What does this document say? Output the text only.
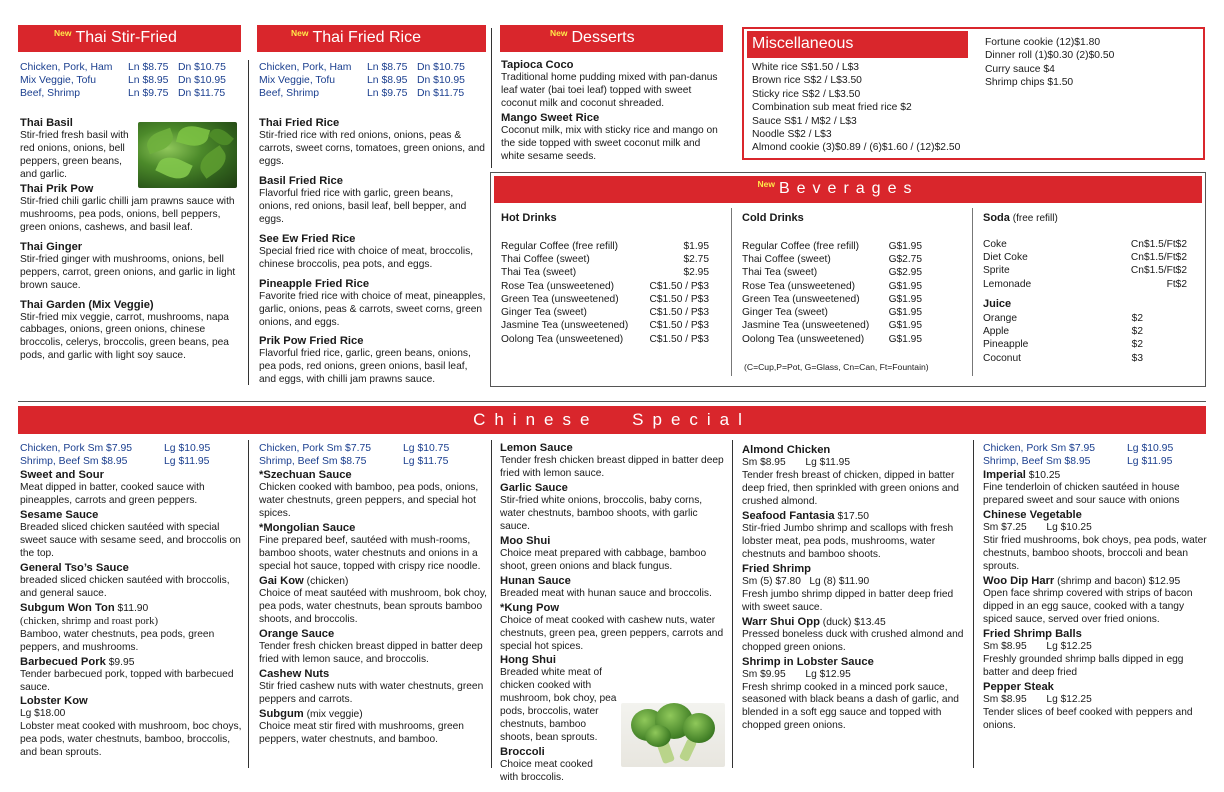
New Thai Stir-Fried	New Thai Fried Rice	New Desserts
Chicken, Pork, Ham	Ln $8.75 Dn $10.75
Mix Veggie, Tofu	Ln $8.95 Dn $10.95
Beef, Shrimp	Ln $9.75 Dn $11.75
Thai Basil
Stir-fried fresh basil with red onions, onions, bell peppers, green beans, and garlic.
Thai Prik Pow
Stir-fried chili garlic chilli jam prawns sauce with mushrooms, pea pods, onions, bell peppers, green onions, cashews, and basil leaf.
Thai Ginger
Stir-fried ginger with mushrooms, onions, bell peppers, carrot, green onions, and garlic in light brown sauce.
Thai Garden (Mix Veggie)
Stir-fried mix veggie, carrot, mushrooms, napa cabbages, onions, green onions, chinese broccolis, celerys, broccolis, green beans, pea pods, and garlic with light soy sauce.
Chicken, Pork, Ham	Ln $8.75 Dn $10.75
Mix Veggie, Tofu	Ln $8.95 Dn $10.95
Beef, Shrimp	Ln $9.75 Dn $11.75
Thai Fried Rice
Stir-fried rice with red onions, onions, peas & carrots, sweet corns, tomatoes, green onions, and eggs.
Basil Fried Rice
Flavorful fried rice with garlic, green beans, onions, red onions, basil leaf, bell bepper, and eggs.
See Ew Fried Rice
Special fried rice with choice of meat, broccolis, chinese broccolis, pea pots, and eggs.
Pineapple Fried Rice
Favorite fried rice with choice of meat, pineapples, garlic, onions, peas & carrots, sweet corns, green onions, and eggs.
Prik Pow Fried Rice
Flavorful fried rice, garlic, green beans, onions, pea pods, red onions, green onions, basil leaf, and eggs, with chilli jam prawns sauce.
Tapioca Coco
Traditional home pudding mixed with pan-danus leaf water (bai toei leaf) topped with sweet coconut milk and coconut shreaded.
Mango Sweet Rice
Coconut milk, mix with sticky rice and mango on the side topped with sweet coconut milk and white sesame seeds.
Miscellaneous
White rice S$1.50 / L$3
Brown rice S$2 / L$3.50
Sticky rice S$2 / L$3.50
Combination sub meat fried rice $2
Sauce S$1 / M$2 / L$3
Noodle S$2 / L$3
Almond cookie (3)$0.89 / (6)$1.60 / (12)$2.50
Fortune cookie (12)$1.80
Dinner roll (1)$0.30 (2)$0.50
Curry sauce $4
Shrimp chips $1.50
New Beverages
Hot Drinks
Regular Coffee (free refill)	$1.95
Thai Coffee (sweet)	$2.75
Thai Tea (sweet)	$2.95
Rose Tea (unsweetened)	C$1.50 / P$3
Green Tea (unsweetened)	C$1.50 / P$3
Ginger Tea (sweet)	C$1.50 / P$3
Jasmine Tea (unsweetened) C$1.50 / P$3
Oolong Tea (unsweetened)	C$1.50 / P$3
Cold Drinks
Regular Coffee (free refill)	G$1.95
Thai Coffee (sweet)	G$2.75
Thai Tea (sweet)	G$2.95
Rose Tea (unsweetened)	G$1.95
Green Tea (unsweetened)	G$1.95
Ginger Tea (sweet)	G$1.95
Jasmine Tea (unsweetened) G$1.95
Oolong Tea (unsweetened) G$1.95
(C=Cup,P=Pot, G=Glass, Cn=Can, Ft=Fountain)
Soda (free refill)
Coke	Cn$1.5/Ft$2
Diet Coke	Cn$1.5/Ft$2
Sprite	Cn$1.5/Ft$2
Lemonade	Ft$2
Juice
Orange	$2
Apple	$2
Pineapple	$2
Coconut	$3
Chinese Special
Chicken, Pork Sm $7.95	Lg $10.95
Shrimp, Beef Sm $8.95	Lg $11.95
Sweet and Sour
Meat dipped in batter, cooked sauce with pineapples, carrots and green peppers.
Sesame Sauce
Breaded sliced chicken sautéed with special sweet sauce with sesame seed, and broccolis on the top.
General Tso’s Sauce
breaded sliced chicken sautéed with broccolis, and general sauce.
Subgum Won Ton $11.90
(chicken, shrimp and roast pork)
Bamboo, water chestnuts, pea pods, green peppers, and mushrooms.
Barbecued Pork $9.95
Tender barbecued pork, topped with barbecued sauce.
Lobster Kow
Lg $18.00
Lobster meat cooked with mushroom, boc choys, pea pods, water chestnuts, bamboo, broccolis, and bean sprouts.
Chicken, Pork Sm $7.75	Lg $10.75
Shrimp, Beef Sm $8.75	Lg $11.75
*Szechuan Sauce
Chicken cooked with bamboo, pea pods, onions, water chestnuts, green peppers, and special hot spices.
*Mongolian Sauce
Fine prepared beef, sautéed with mush-rooms, bamboo shoots, water chestnuts and onions in a special hot sauce, topped with crispy rice noodle.
Gai Kow (chicken)
Choice of meat sautéed with mushroom, bok choy, pea pods, water chestnuts, bean sprouts bamboo shoots, and broccolis.
Orange Sauce
Tender fresh chicken breast dipped in batter deep fried with lemon sauce, and broccolis.
Cashew Nuts
Stir fried cashew nuts with water chestnuts, green peppers and carrots.
Subgum (mix veggie)
Choice meat stir fired with mushrooms, green peppers, water chestnuts, and bamboo.
Lemon Sauce
Tender fresh chicken breast dipped in batter deep fried with lemon sauce.
Garlic Sauce
Stir-fried white onions, broccolis, baby corns, water chestnuts, bamboo shoots, with garlic sauce.
Moo Shui
Choice meat prepared with cabbage, bamboo shoot, green onions and black fungus.
Hunan Sauce
Breaded meat with hunan sauce and broccolis.
*Kung Pow
Choice of meat cooked with cashew nuts, water chestnuts, green pea, green peppers, carrots and special hot spices.
Hong Shui
Breaded white meat of chicken cooked with mushroom, bok choy, pea pods, broccolis, water chestnuts, bamboo shoots, bean sprouts.
Broccoli
Choice meat cooked with broccolis.
Almond Chicken
Sm $8.95       Lg $11.95
Tender fresh breast of chicken, dipped in batter deep fried, then sprinkled with green onions and crushed almond.
Seafood Fantasia $17.50
Stir-fried Jumbo shrimp and scallops with fresh lobster meat, pea pods, mushrooms, water chestnuts and bamboo shoots.
Fried Shrimp
Sm (5) $7.80   Lg (8) $11.90
Fresh jumbo shrimp dipped in batter deep fried with sweet sauce.
Warr Shui Opp (duck) $13.45
Pressed boneless duck with crushed almond and chopped green onions.
Shrimp in Lobster Sauce
Sm $9.95       Lg $12.95
Fresh shrimp cooked in a minced pork sauce, seasoned with black beans a dash of garlic, and blended in a soft egg sauce and topped with chopped green onions.
Chicken, Pork Sm $7.95	Lg $10.95
Shrimp, Beef Sm $8.95	Lg $11.95
Imperial $10.25
Fine tenderloin of chicken sautéed in house prepared sweet and sour sauce with onions
Chinese Vegetable
Sm $7.25       Lg $10.25
Stir fried mushrooms, bok choys, pea pods, water chestnuts, bamboo shoots, broccoli and bean sprouts.
Woo Dip Harr (shrimp and bacon) $12.95
Open face shrimp covered with strips of bacon dipped in an egg sauce, cooked with a tangy spiced sauce, served over fried onions.
Fried Shrimp Balls
Sm $8.95       Lg $12.25
Freshly grounded shrimp balls dipped in egg batter and deep fried
Pepper Steak
Sm $8.95       Lg $12.25
Tender slices of beef cooked with peppers and onions.
